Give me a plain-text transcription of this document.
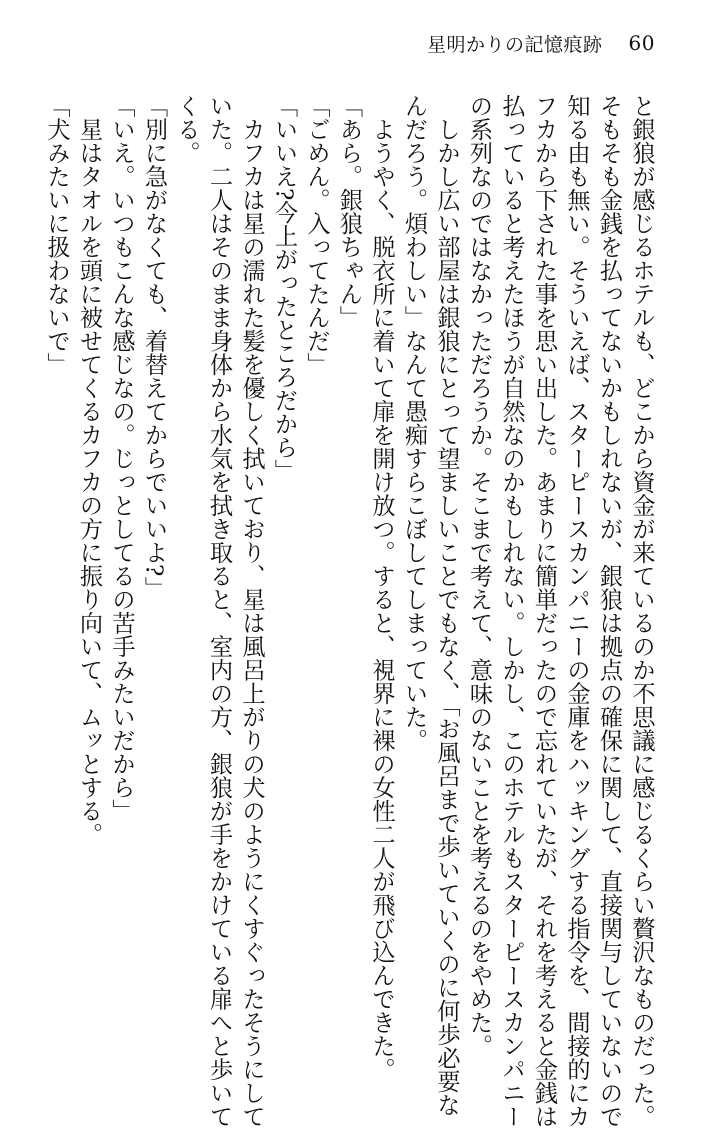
星明かりの記憶痕跡 60
と銀狼が感じるホテルも、どこから資金が来ているのか不思議に感じるくらい贅沢なものだった。
そもそも金銭を払ってないかもしれないが、銀狼は拠点の確保に関して、直接関与していないので
知る由も無い。そういえば、スターピースカンパニーの金庫をハッキングする指令を、間接的にカ
フカから下された事を思い出した。あまりに簡単だったので忘れていたが、それを考えると金銭は
払っていると考えたほうが自然なのかもしれない。しかし、このホテルもスターピースカンパニー
の系列なのではなかっただろうか。そこまで考えて、意味のないことを考えるのをやめた。
　しかし広い部屋は銀狼にとって望ましいことでもなく、「お風呂まで歩いていくのに何歩必要な
んだろう。煩わしい」なんて愚痴すらこぼしてしまっていた。
　ようやく、脱衣所に着いて扉を開け放つ。すると、視界に裸の女性二人が飛び込んできた。
「あら。銀狼ちゃん」
「ごめん。入ってたんだ」
「いいえ?今上がったところだから」
　カフカは星の濡れた髪を優しく拭いており、星は風呂上がりの犬のようにくすぐったそうにして
いた。二人はそのまま身体から水気を拭き取ると、室内の方、銀狼が手をかけている扉へと歩いて
くる。
「別に急がなくても、着替えてからでいいよ?」
「いえ。いつもこんな感じなの。じっとしてるの苦手みたいだから」
　星はタオルを頭に被せてくるカフカの方に振り向いて、ムッとする。
「犬みたいに扱わないで」
